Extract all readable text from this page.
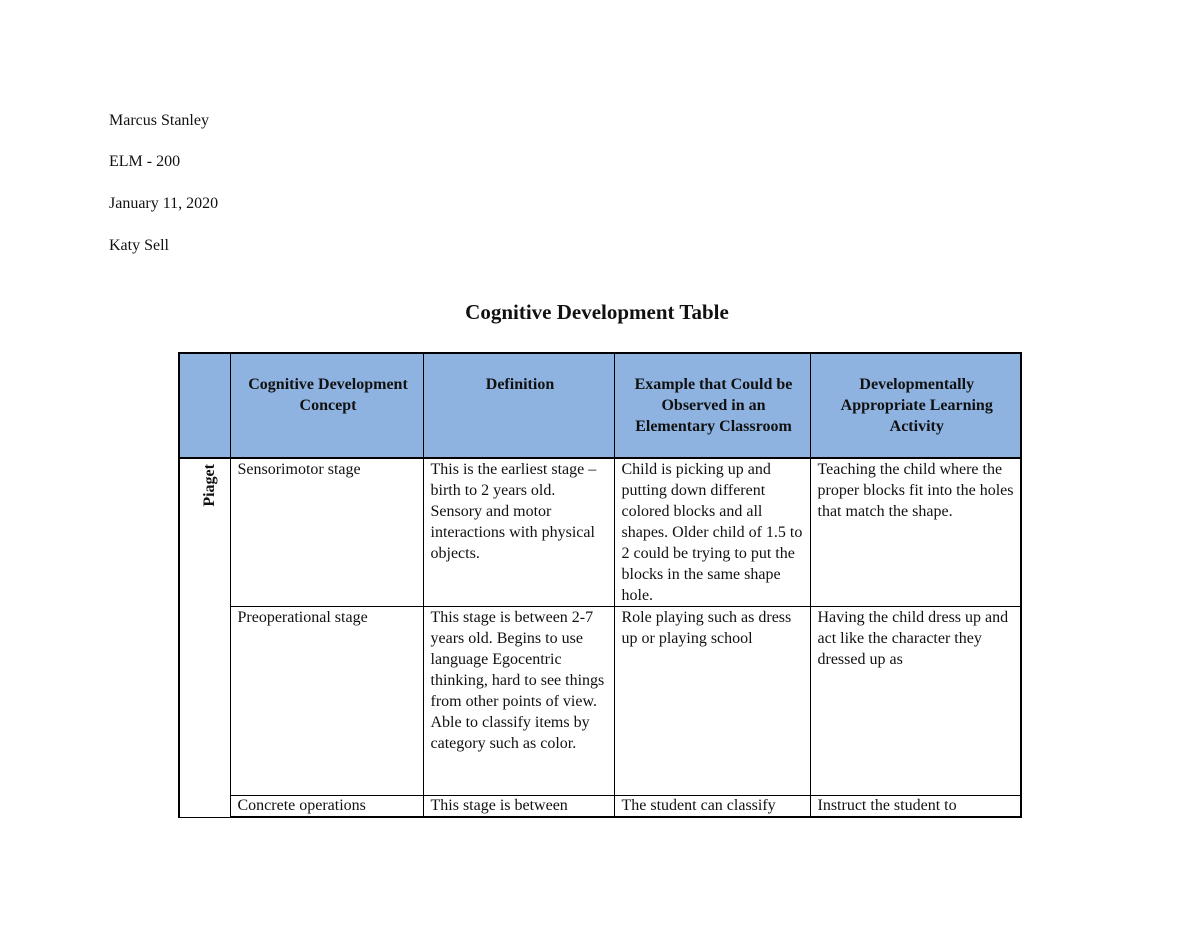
Marcus Stanley
ELM - 200
January 11, 2020
Katy Sell
Cognitive Development Table
	Cognitive Development Concept	Definition	Example that Could be Observed in an Elementary Classroom	Developmentally Appropriate Learning Activity

Piaget	Sensorimotor stage	This is the earliest stage – birth to 2 years old. Sensory and motor interactions with physical objects.	Child is picking up and putting down different colored blocks and all shapes. Older child of 1.5 to 2 could be trying to put the blocks in the same shape hole.	Teaching the child where the proper blocks fit into the holes that match the shape.
	Preoperational stage	This stage is between 2-7 years old. Begins to use language Egocentric thinking, hard to see things from other points of view. Able to classify items by category such as color.	Role playing such as dress up or playing school	Having the child dress up and act like the character they dressed up as
	Concrete operations	This stage is between	The student can classify	Instruct the student to
